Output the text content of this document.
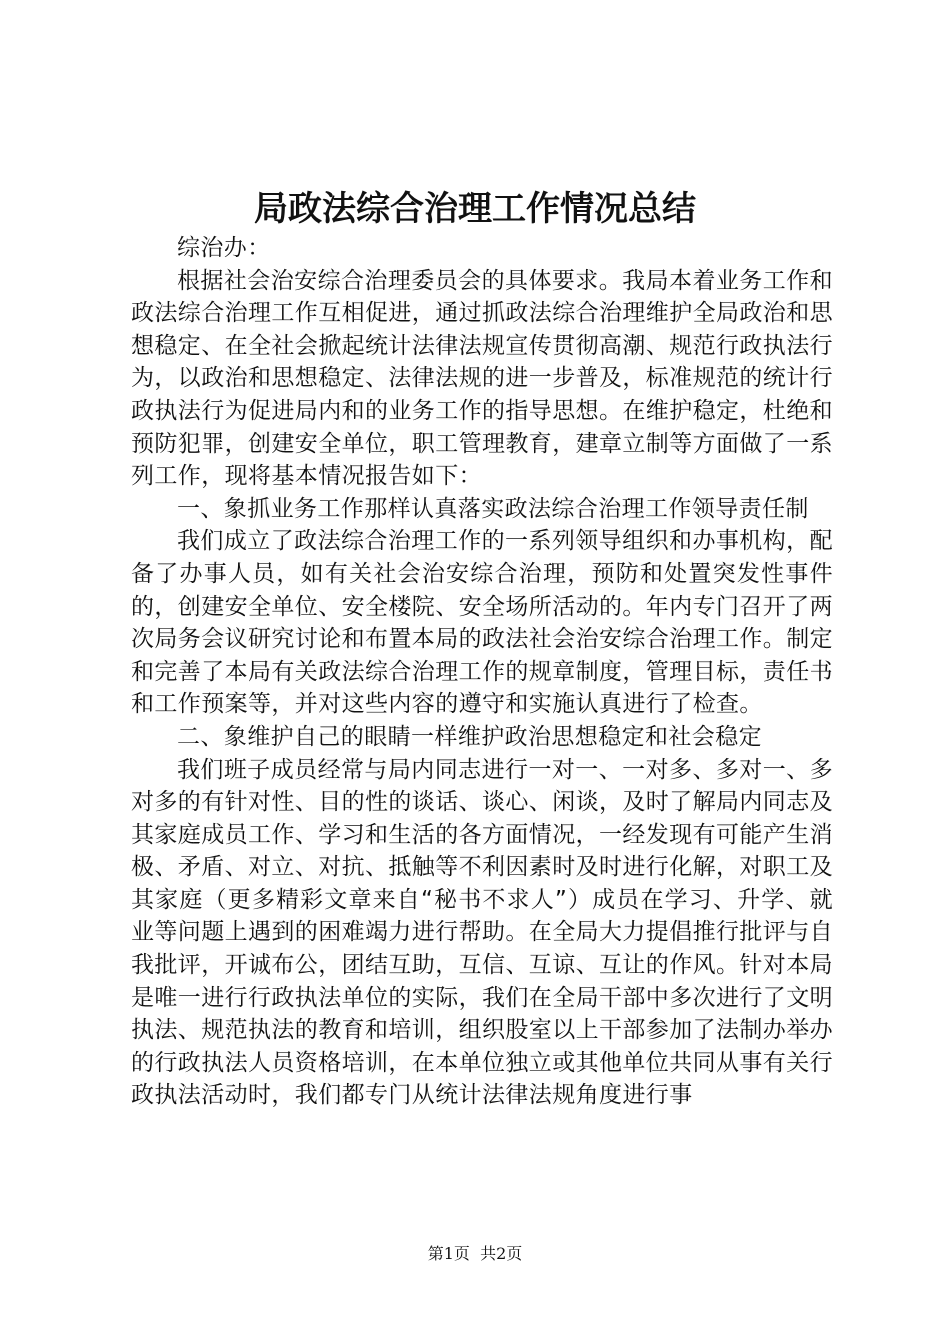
局政法综合治理工作情况总结

综治办：

根据社会治安综合治理委员会的具体要求。我局本着业务工作和政法综合治理工作互相促进，通过抓政法综合治理维护全局政治和思想稳定、在全社会掀起统计法律法规宣传贯彻高潮、规范行政执法行为，以政治和思想稳定、法律法规的进一步普及，标准规范的统计行政执法行为促进局内和的业务工作的指导思想。在维护稳定，杜绝和预防犯罪，创建安全单位，职工管理教育，建章立制等方面做了一系列工作，现将基本情况报告如下：

一、象抓业务工作那样认真落实政法综合治理工作领导责任制

我们成立了政法综合治理工作的一系列领导组织和办事机构，配备了办事人员，如有关社会治安综合治理，预防和处置突发性事件的，创建安全单位、安全楼院、安全场所活动的。年内专门召开了两次局务会议研究讨论和布置本局的政法社会治安综合治理工作。制定和完善了本局有关政法综合治理工作的规章制度，管理目标，责任书和工作预案等，并对这些内容的遵守和实施认真进行了检查。

二、象维护自己的眼睛一样维护政治思想稳定和社会稳定

我们班子成员经常与局内同志进行一对一、一对多、多对一、多对多的有针对性、目的性的谈话、谈心、闲谈，及时了解局内同志及其家庭成员工作、学习和生活的各方面情况，一经发现有可能产生消极、矛盾、对立、对抗、抵触等不利因素时及时进行化解，对职工及其家庭（更多精彩文章来自“秘书不求人”）成员在学习、升学、就业等问题上遇到的困难竭力进行帮助。在全局大力提倡推行批评与自我批评，开诚布公，团结互助，互信、互谅、互让的作风。针对本局是唯一进行行政执法单位的实际，我们在全局干部中多次进行了文明执法、规范执法的教育和培训，组织股室以上干部参加了法制办举办的行政执法人员资格培训，在本单位独立或其他单位共同从事有关行政执法活动时，我们都专门从统计法律法规角度进行事

第1页  共2页
